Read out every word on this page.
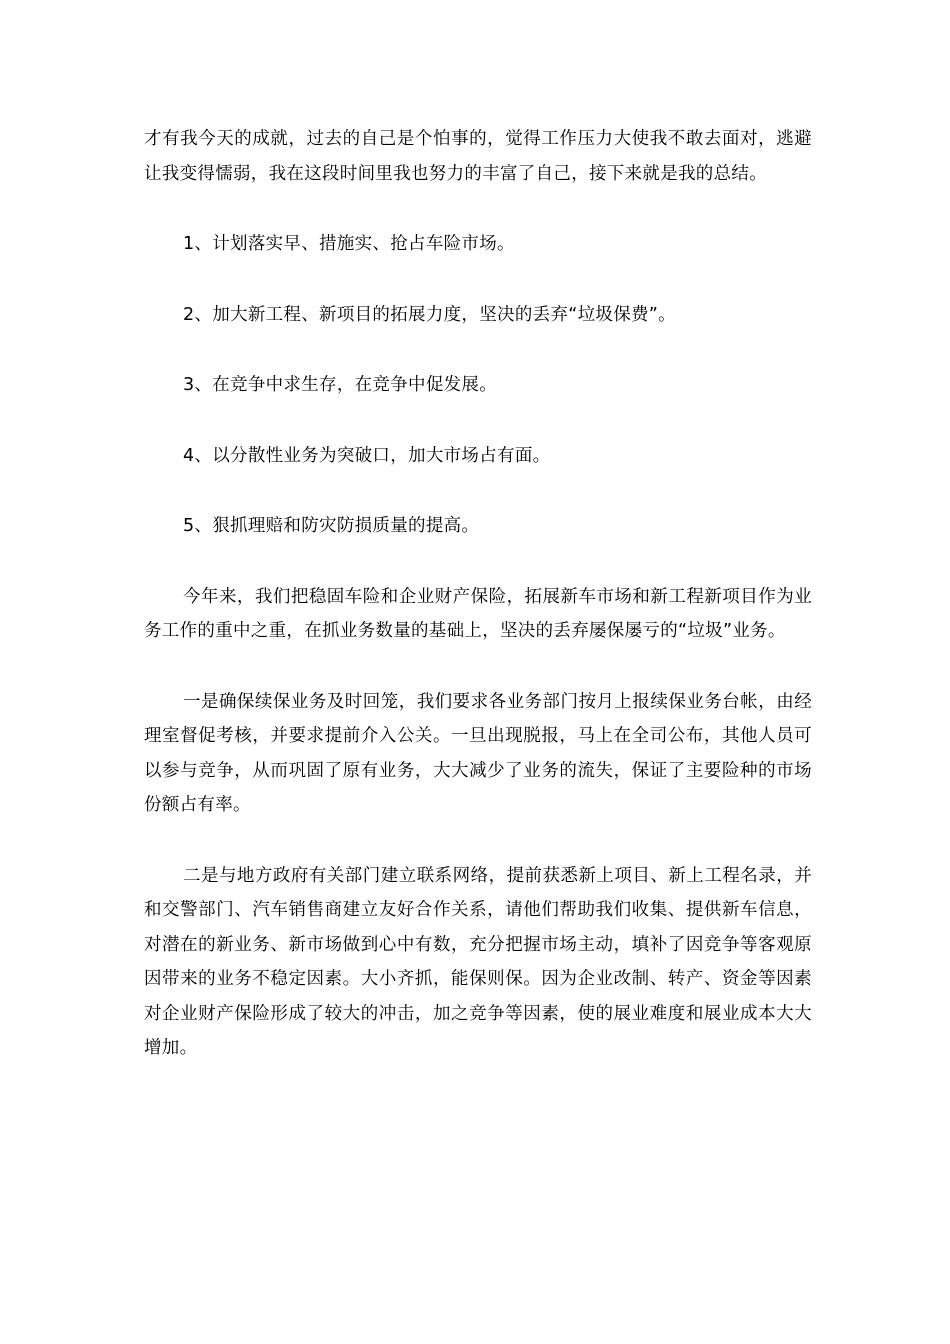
才有我今天的成就，过去的自己是个怕事的，觉得工作压力大使我不敢去面对，逃避让我变得懦弱，我在这段时间里我也努力的丰富了自己，接下来就是我的总结。

1、计划落实早、措施实、抢占车险市场。

2、加大新工程、新项目的拓展力度，坚决的丢弃“垃圾保费”。

3、在竞争中求生存，在竞争中促发展。

4、以分散性业务为突破口，加大市场占有面。

5、狠抓理赔和防灾防损质量的提高。

今年来，我们把稳固车险和企业财产保险，拓展新车市场和新工程新项目作为业务工作的重中之重，在抓业务数量的基础上，坚决的丢弃屡保屡亏的“垃圾”业务。

一是确保续保业务及时回笼，我们要求各业务部门按月上报续保业务台帐，由经理室督促考核，并要求提前介入公关。一旦出现脱报，马上在全司公布，其他人员可以参与竞争，从而巩固了原有业务，大大减少了业务的流失，保证了主要险种的市场份额占有率。

二是与地方政府有关部门建立联系网络，提前获悉新上项目、新上工程名录，并和交警部门、汽车销售商建立友好合作关系，请他们帮助我们收集、提供新车信息，对潜在的新业务、新市场做到心中有数，充分把握市场主动，填补了因竞争等客观原因带来的业务不稳定因素。大小齐抓，能保则保。因为企业改制、转产、资金等因素对企业财产保险形成了较大的冲击，加之竞争等因素，使的展业难度和展业成本大大增加。
